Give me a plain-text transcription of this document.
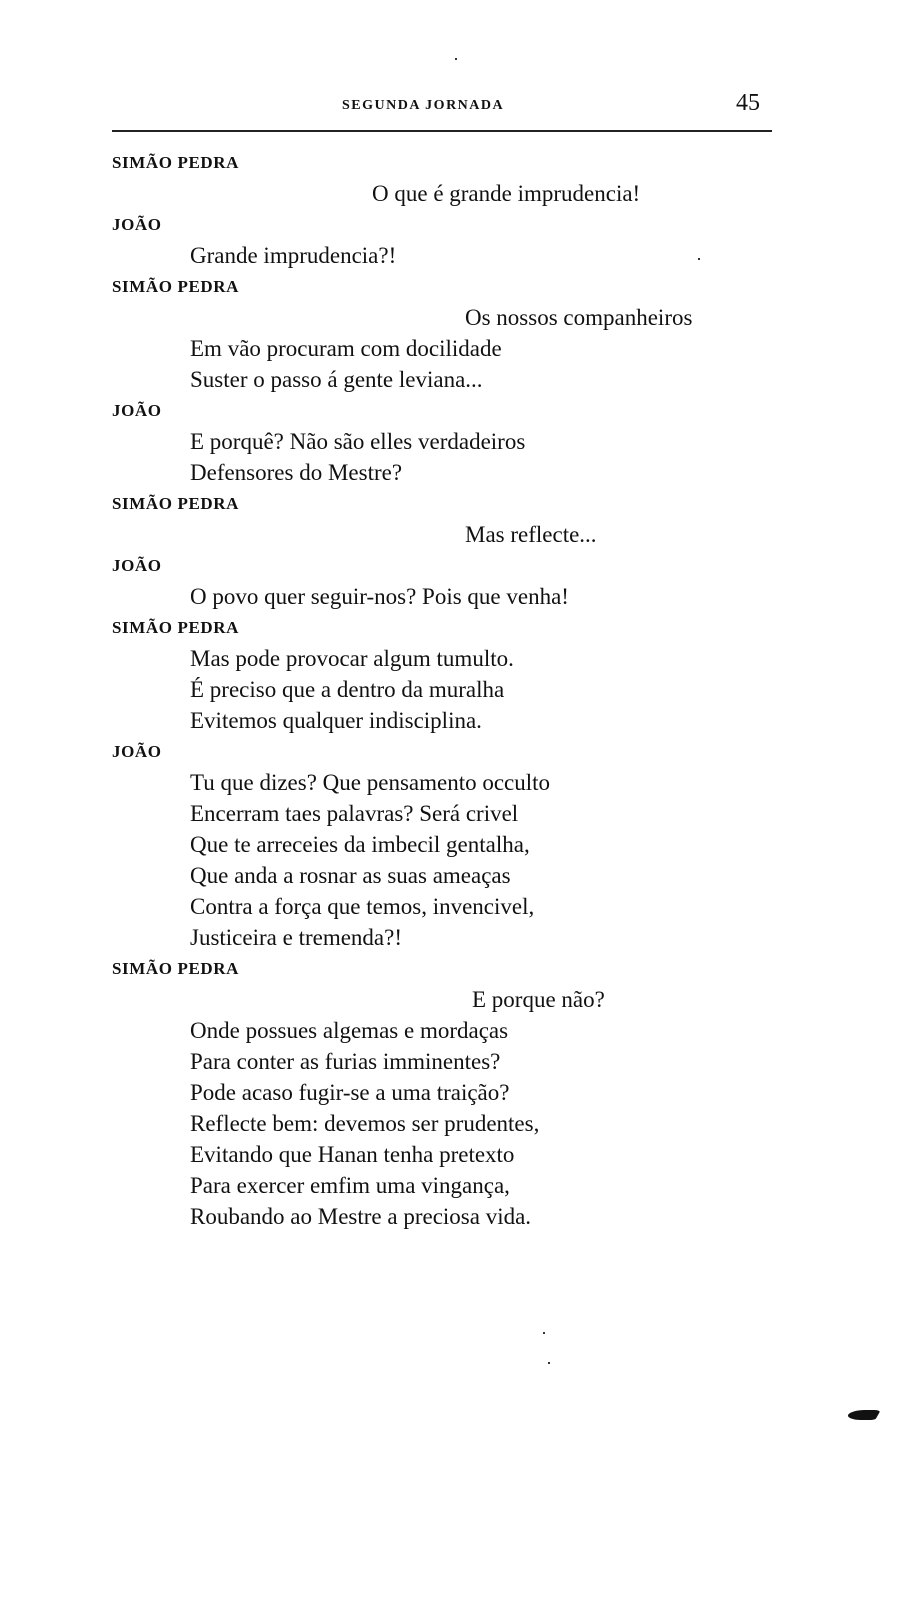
SEGUNDA JORNADA	45
SIMÃO PEDRA
O que é grande imprudencia!
JOÃO
Grande imprudencia?!
SIMÃO PEDRA
Os nossos companheiros
Em vão procuram com docilidade
Suster o passo á gente leviana...
JOÃO
E porquê? Não são elles verdadeiros
Defensores do Mestre?
SIMÃO PEDRA
Mas reflecte...
JOÃO
O povo quer seguir-nos? Pois que venha!
SIMÃO PEDRA
Mas pode provocar algum tumulto.
É preciso que a dentro da muralha
Evitemos qualquer indisciplina.
JOÃO
Tu que dizes? Que pensamento occulto
Encerram taes palavras? Será crivel
Que te arreceies da imbecil gentalha,
Que anda a rosnar as suas ameaças
Contra a força que temos, invencivel,
Justiceira e tremenda?!
SIMÃO PEDRA
E porque não?
Onde possues algemas e mordaças
Para conter as furias imminentes?
Pode acaso fugir-se a uma traição?
Reflecte bem: devemos ser prudentes,
Evitando que Hanan tenha pretexto
Para exercer emfim uma vingança,
Roubando ao Mestre a preciosa vida.
